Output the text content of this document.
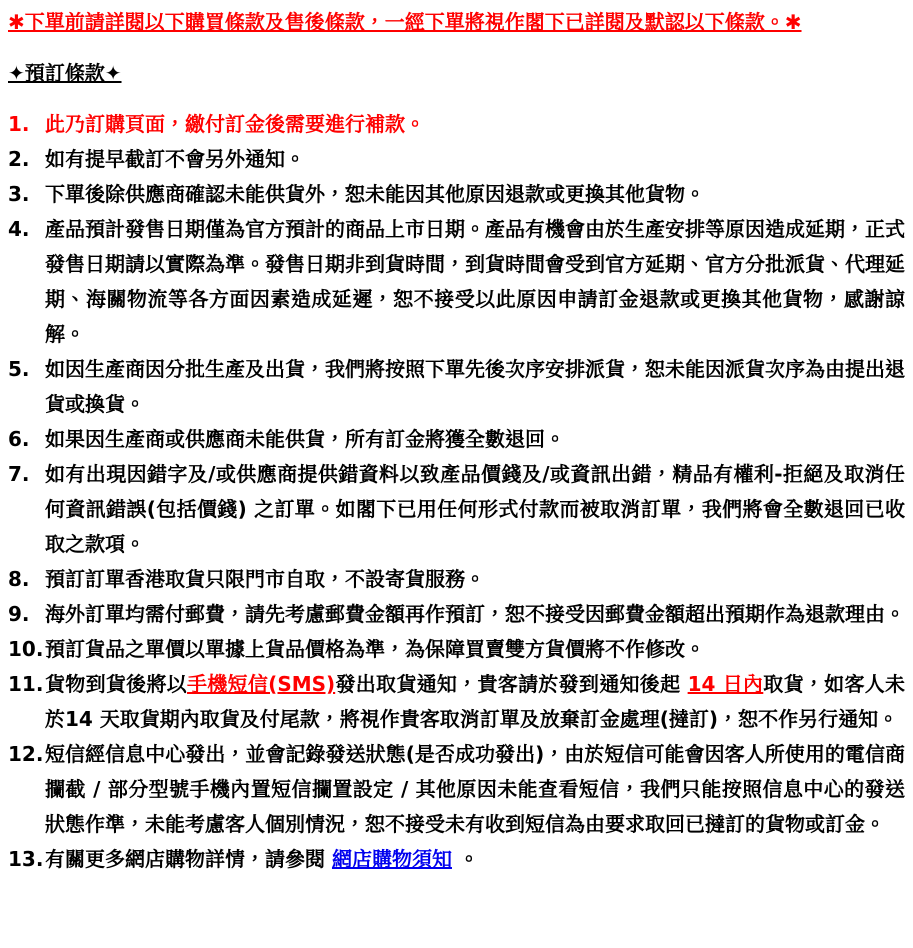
✱下單前請詳閱以下購買條款及售後條款，一經下單將視作閣下已詳閱及默認以下條款。✱
✦預訂條款✦
1. 此乃訂購頁面，繳付訂金後需要進行補款。
2. 如有提早截訂不會另外通知。
3. 下單後除供應商確認未能供貨外，恕未能因其他原因退款或更換其他貨物。
4. 產品預計發售日期僅為官方預計的商品上市日期。產品有機會由於生產安排等原因造成延期，正式發售日期請以實際為準。發售日期非到貨時間，到貨時間會受到官方延期、官方分批派貨、代理延期、海關物流等各方面因素造成延遲，恕不接受以此原因申請訂金退款或更換其他貨物，感謝諒解。
5. 如因生產商因分批生產及出貨，我們將按照下單先後次序安排派貨，恕未能因派貨次序為由提出退貨或換貨。
6. 如果因生產商或供應商未能供貨，所有訂金將獲全數退回。
7. 如有出現因錯字及/或供應商提供錯資料以致產品價錢及/或資訊出錯，精品有權利-拒絕及取消任何資訊錯誤(包括價錢) 之訂單。如閣下已用任何形式付款而被取消訂單，我們將會全數退回已收取之款項。
8. 預訂訂單香港取貨只限門市自取，不設寄貨服務。
9. 海外訂單均需付郵費，請先考慮郵費金額再作預訂，恕不接受因郵費金額超出預期作為退款理由。
10. 預訂貨品之單價以單據上貨品價格為準，為保障買賣雙方貨價將不作修改。
11. 貨物到貨後將以手機短信(SMS)發出取貨通知，貴客請於發到通知後起 14 日內取貨，如客人未於14 天取貨期內取貨及付尾款，將視作貴客取消訂單及放棄訂金處理(撻訂)，恕不作另行通知。
12. 短信經信息中心發出，並會記錄發送狀態(是否成功發出)，由於短信可能會因客人所使用的電信商攔截 / 部分型號手機內置短信攔置設定 / 其他原因未能查看短信，我們只能按照信息中心的發送狀態作準，未能考慮客人個別情況，恕不接受未有收到短信為由要求取回已撻訂的貨物或訂金。
13. 有關更多網店購物詳情，請參閱 網店購物須知 。
